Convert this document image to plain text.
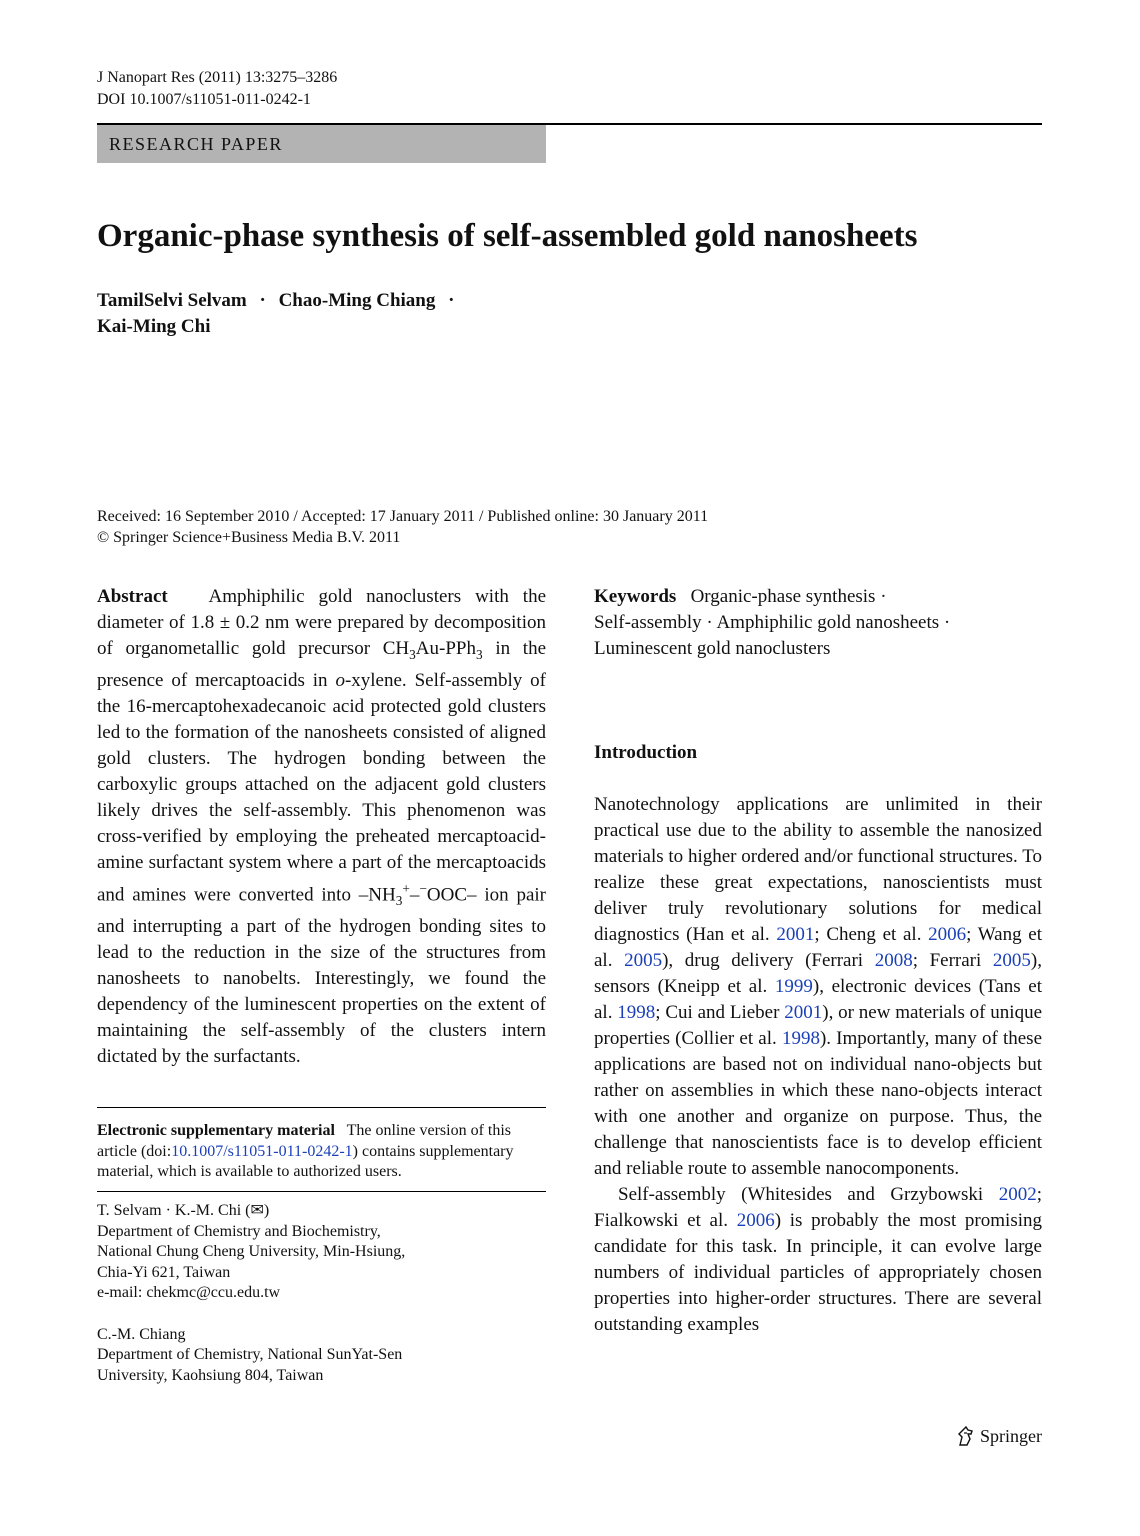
J Nanopart Res (2011) 13:3275–3286
DOI 10.1007/s11051-011-0242-1
RESEARCH PAPER
Organic-phase synthesis of self-assembled gold nanosheets
TamilSelvi Selvam · Chao-Ming Chiang ·
Kai-Ming Chi
Received: 16 September 2010 / Accepted: 17 January 2011 / Published online: 30 January 2011
© Springer Science+Business Media B.V. 2011

Abstract Amphiphilic gold nanoclusters with the diameter of 1.8 ± 0.2 nm were prepared by decomposition of organometallic gold precursor $CH_3Au-PPh_3$ in the presence of mercaptoacids in o-xylene. Self-assembly of the 16-mercaptohexadecanoic acid protected gold clusters led to the formation of the nanosheets consisted of aligned gold clusters. The hydrogen bonding between the carboxylic groups attached on the adjacent gold clusters likely drives the self-assembly. This phenomenon was cross-verified by employing the preheated mercaptoacid-amine surfactant system where a part of the mercaptoacids and amines were converted into $-NH_3^+-^-OOC-$ ion pair and interrupting a part of the hydrogen bonding sites to lead to the reduction in the size of the structures from nanosheets to nanobelts. Interestingly, we found the dependency of the luminescent properties on the extent of maintaining the self-assembly of the clusters intern dictated by the surfactants.

Electronic supplementary material The online version of this article (doi:10.1007/s11051-011-0242-1) contains supplementary material, which is available to authorized users.
T. Selvam · K.-M. Chi (✉)
Department of Chemistry and Biochemistry,
National Chung Cheng University, Min-Hsiung,
Chia-Yi 621, Taiwan
e-mail: chekmc@ccu.edu.tw
C.-M. Chiang
Department of Chemistry, National SunYat-Sen
University, Kaohsiung 804, Taiwan
Keywords Organic-phase synthesis ·
Self-assembly · Amphiphilic gold nanosheets ·
Luminescent gold nanoclusters
Introduction

Nanotechnology applications are unlimited in their practical use due to the ability to assemble the nanosized materials to higher ordered and/or functional structures. To realize these great expectations, nanoscientists must deliver truly revolutionary solutions for medical diagnostics (Han et al. 2001; Cheng et al. 2006; Wang et al. 2005), drug delivery (Ferrari 2008; Ferrari 2005), sensors (Kneipp et al. 1999), electronic devices (Tans et al. 1998; Cui and Lieber 2001), or new materials of unique properties (Collier et al. 1998). Importantly, many of these applications are based not on individual nano-objects but rather on assemblies in which these nano-objects interact with one another and organize on purpose. Thus, the challenge that nanoscientists face is to develop efficient and reliable route to assemble nanocomponents.

Self-assembly (Whitesides and Grzybowski 2002; Fialkowski et al. 2006) is probably the most promising candidate for this task. In principle, it can evolve large numbers of individual particles of appropriately chosen properties into higher-order structures. There are several outstanding examples

Springer
